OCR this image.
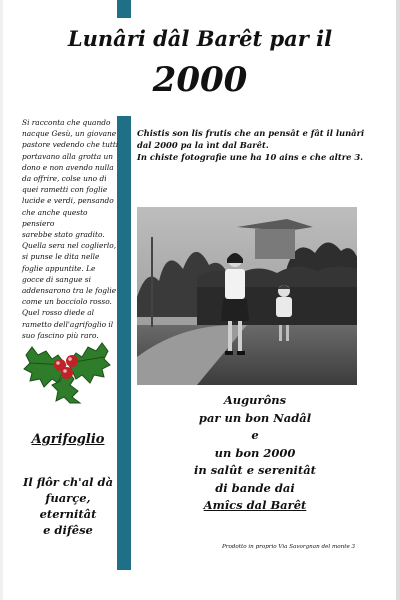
Lunâri dâl Barêt par il
2000
Si racconta che quando
nacque Gesù, un giovane
pastore vedendo che tutti
portavano alla grotta un
dono e non avendo nulla
da offrire, colse uno di
quei rametti con foglie
lucide e verdi, pensando
che anche questo pensiero
sarebbe stato gradito.
Quella sera nel coglierlo,
si punse le dita nelle
foglie appuntite. Le
gocce di sangue si
addensarono tra le foglie
come un bocciolo rosso.
Quel rosso diede al
rametto dell'agrifoglio il
suo fascino più raro.
Agrifoglio
Il flôr ch'al dà
fuarçe,
eternitât
e difêse
Chistis son lis frutis che an pensât e fât il lunâri
dal 2000 pa la ìnt dal Barêt.
In chiste fotografie une ha 10 ains e che altre 3.
Augurôns
par un bon Nadâl
e
un bon 2000
in salût e serenitât
di bande dai
Amîcs dal Barêt
Prodotto in proprio Via Savorgnan del monte 3
